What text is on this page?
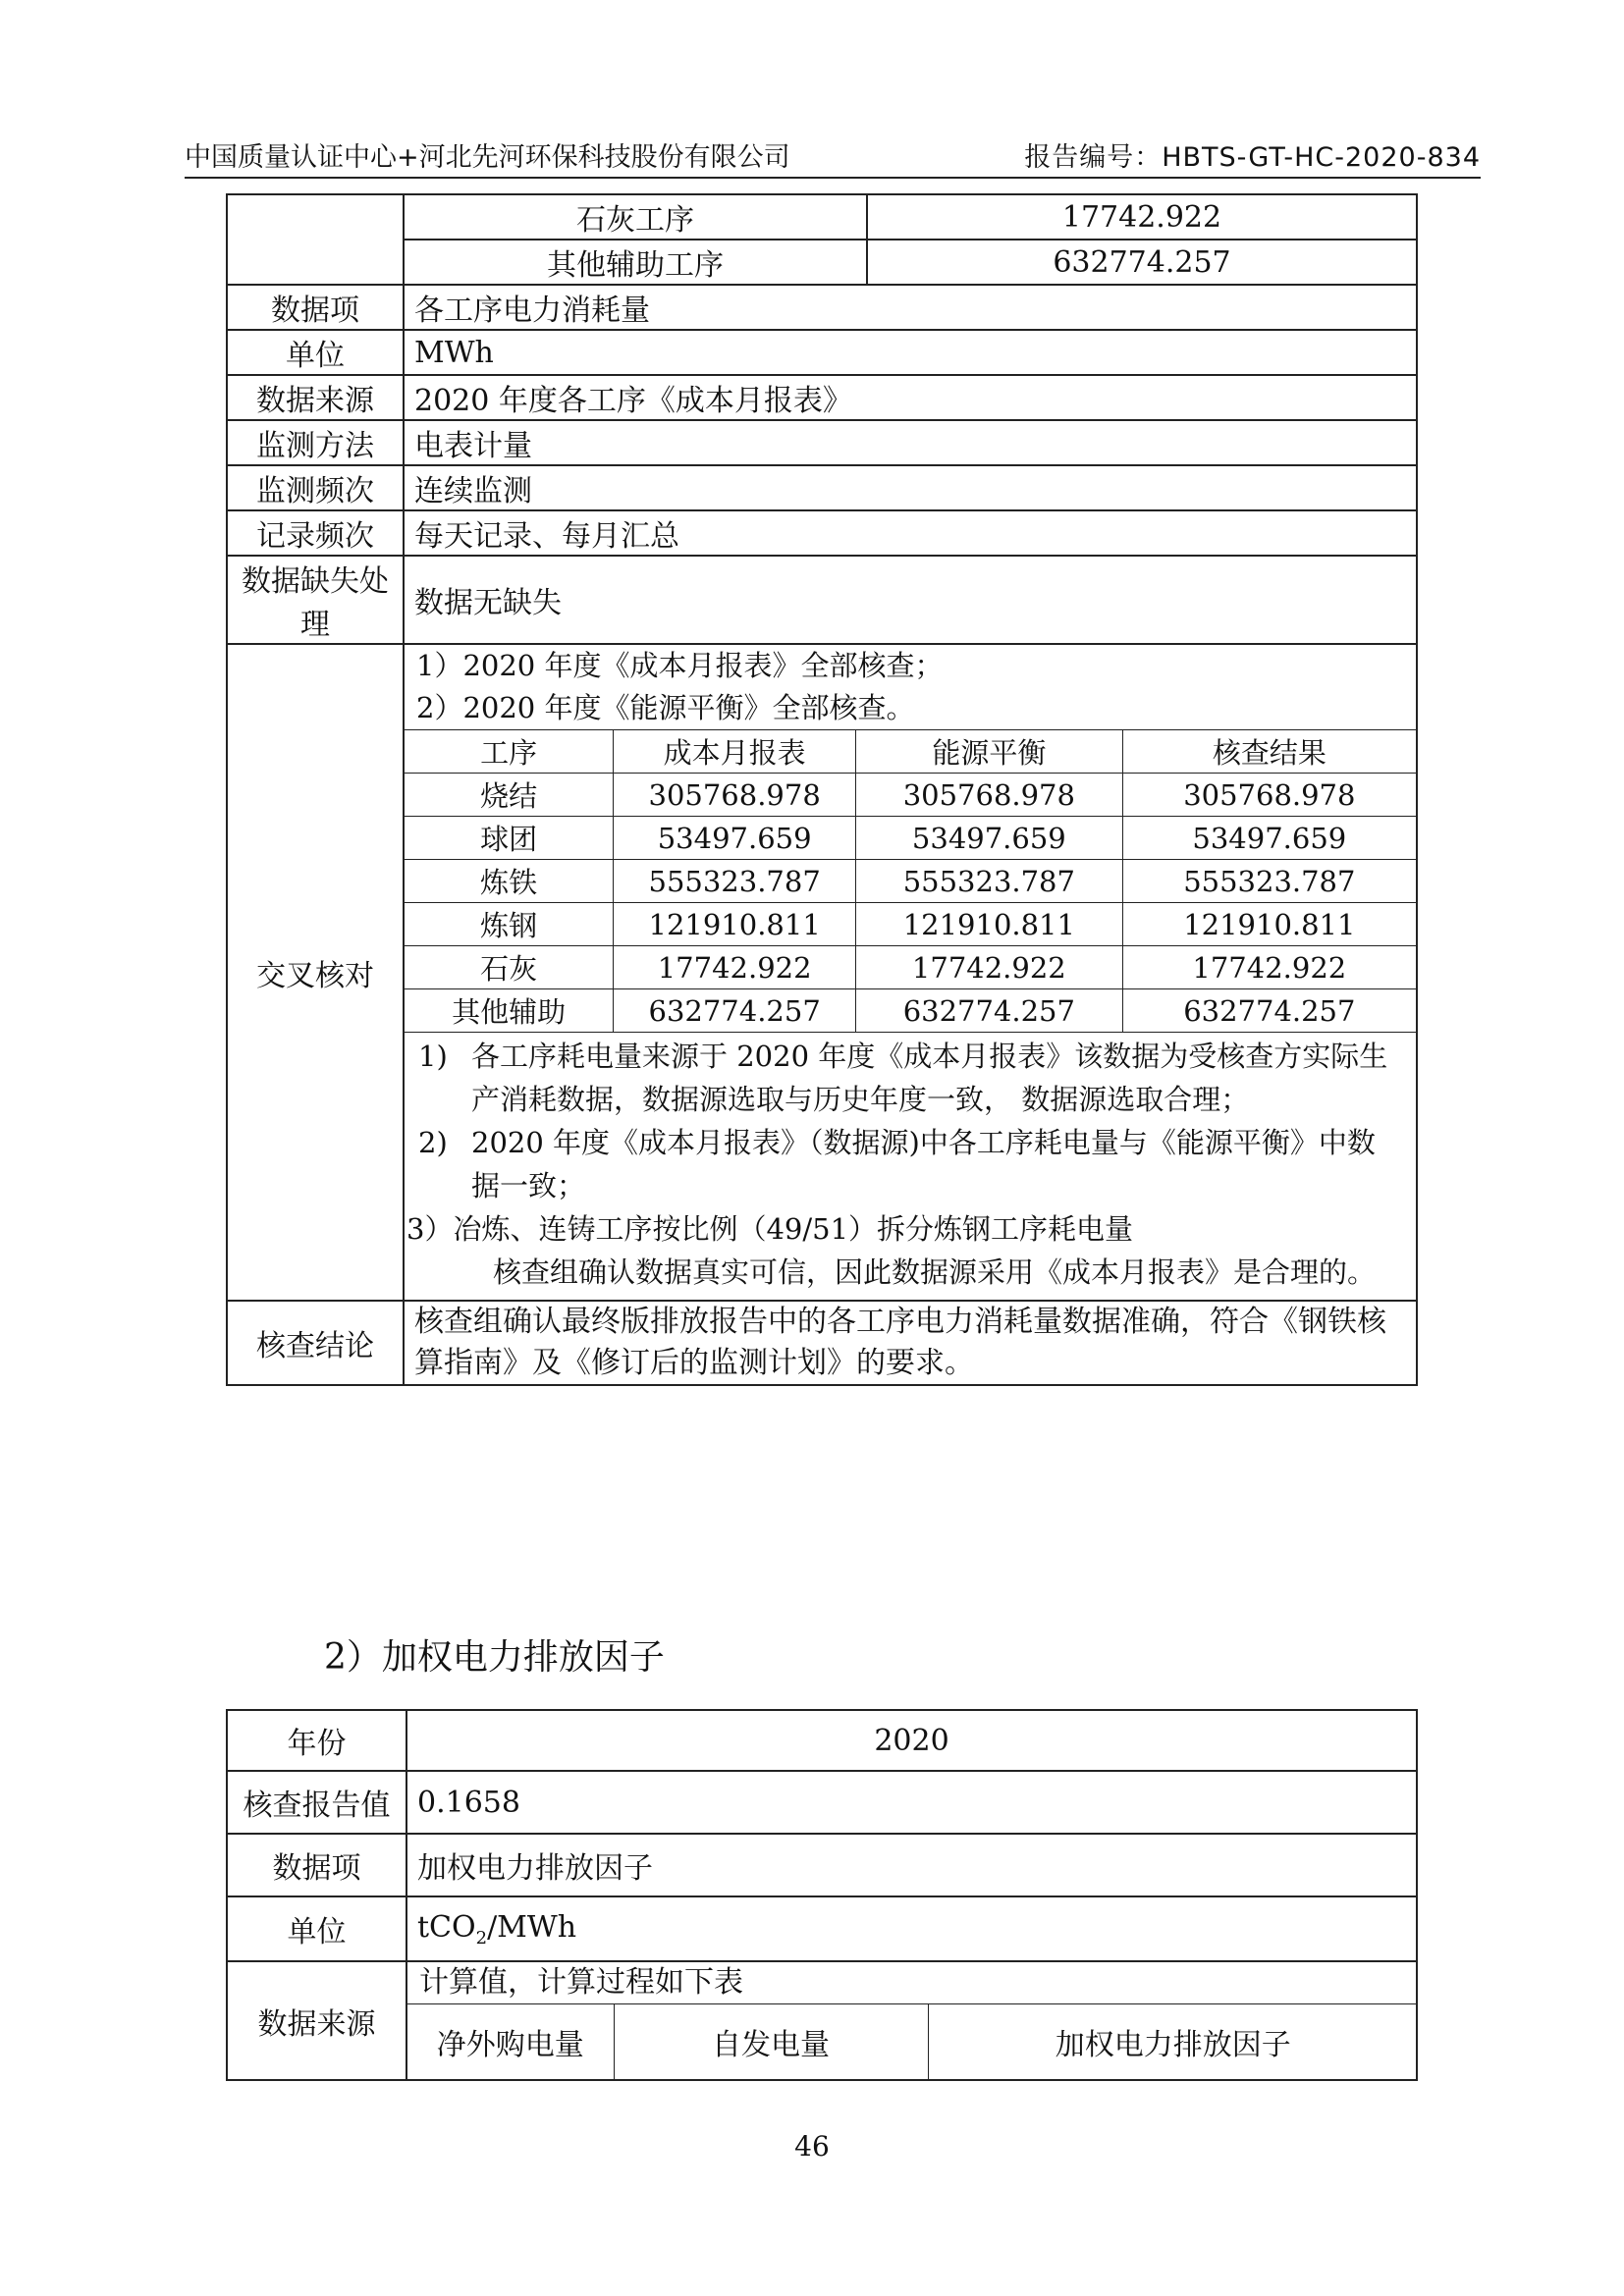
中国质量认证中心+河北先河环保科技股份有限公司	报告编号：HBTS-GT-HC-2020-834
	石灰工序	17742.922
其他辅助工序	632774.257
数据项	各工序电力消耗量
单位	MWh
数据来源	2020 年度各工序《成本月报表》
监测方法	电表计量
监测频次	连续监测
记录频次	每天记录、每月汇总
数据缺失处理	数据无缺失
交叉核对	
1）2020 年度《成本月报表》全部核查；
2）2020 年度《能源平衡》全部核查。
工序	成本月报表	能源平衡	核查结果
烧结	305768.978	305768.978	305768.978
球团	53497.659	53497.659	53497.659
炼铁	555323.787	555323.787	555323.787
炼钢	121910.811	121910.811	121910.811
石灰	17742.922	17742.922	17742.922
其他辅助	632774.257	632774.257	632774.257
1) 各工序耗电量来源于 2020 年度《成本月报表》该数据为受核查方实际生产消耗数据，数据源选取与历史年度一致， 数据源选取合理；
2) 2020 年度《成本月报表》（数据源)中各工序耗电量与《能源平衡》中数据一致；
3）冶炼、连铸工序按比例（49/51）拆分炼钢工序耗电量
核查组确认数据真实可信，因此数据源采用《成本月报表》是合理的。

核查结论	核查组确认最终版排放报告中的各工序电力消耗量数据准确，符合《钢铁核算指南》及《修订后的监测计划》的要求。
2）加权电力排放因子
年份	2020
核查报告值	0.1658
数据项	加权电力排放因子
单位	tCO$_2$/MWh
数据来源	
计算值，计算过程如下表
净外购电量	自发电量	加权电力排放因子
46
